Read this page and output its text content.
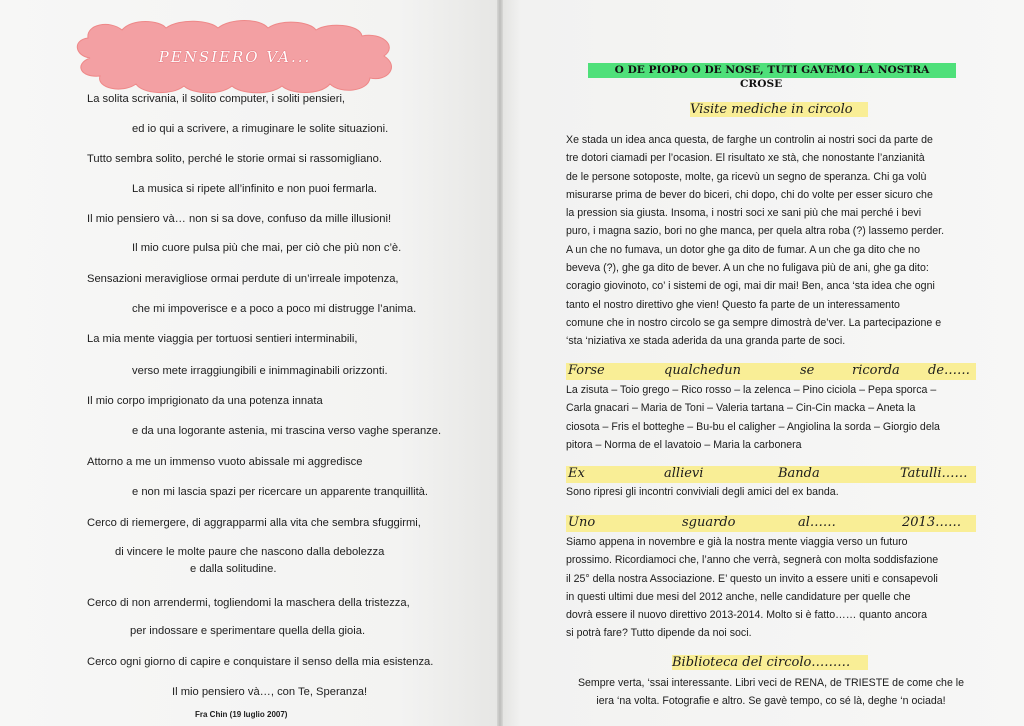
PENSIERO VA...
La solita scrivania, il solito computer, i soliti pensieri,
ed io qui a scrivere, a rimuginare le solite situazioni.
Tutto sembra solito, perché le storie ormai si rassomigliano.
La musica si ripete all’infinito e non puoi fermarla.
Il mio pensiero và… non si sa dove, confuso da mille illusioni!
Il mio cuore pulsa più che mai, per ciò che più non c’è.
Sensazioni meravigliose ormai perdute di un’irreale impotenza,
che mi impoverisce e a poco a poco mi distrugge l’anima.
La mia mente viaggia per tortuosi sentieri interminabili,
verso mete irraggiungibili e inimmaginabili orizzonti.
Il mio corpo imprigionato da una potenza innata
e da una logorante astenia, mi trascina verso vaghe speranze.
Attorno a me un immenso vuoto abissale mi aggredisce
e non mi lascia spazi per ricercare un apparente tranquillità.
Cerco di riemergere, di aggrapparmi alla vita che sembra sfuggirmi,
di vincere le molte paure che nascono dalla debolezza
e dalla solitudine.
Cerco di non arrendermi, togliendomi la maschera della tristezza,
per indossare e sperimentare quella della gioia.
Cerco ogni giorno di capire e conquistare il senso della mia esistenza.
Il mio pensiero và…, con Te, Speranza!
Fra Chin (19 luglio 2007)
O DE PIOPO O DE NOSE, TUTI GAVEMO LA NOSTRA
CROSE
Visite mediche in circolo
Xe stada un idea anca questa, de farghe un controlin ai nostri soci da parte de
tre dotori ciamadi per l’ocasion. El risultato xe stà, che nonostante l’anzianità
de le persone sotoposte, molte, ga ricevù un segno de speranza. Chi ga volù
misurarse prima de bever do biceri, chi dopo, chi do volte per esser sicuro che
la pression sia giusta. Insoma, i nostri soci xe sani più che mai perché i bevi
puro, i magna sazio, bori no ghe manca, per quela altra roba (?) lassemo perder.
A un che no fumava, un dotor ghe ga dito de fumar. A un che ga dito che no
beveva (?), ghe ga dito de bever. A un che no fuligava più de ani, ghe ga dito:
coragio giovinoto, co’ i sistemi de ogi, mai dir mai! Ben, anca ‘sta idea che ogni
tanto el nostro direttivo ghe vien! Questo fa parte de un interessamento
comune che in nostro circolo se ga sempre dimostrà de’ver. La partecipazione e
‘sta ‘niziativa xe stada aderida da una granda parte de soci.
Forse	qualchedun	se	ricorda de……
La zisuta – Toio grego – Rico rosso – la zelenca – Pino ciciola – Pepa sporca –
Carla gnacari – Maria de Toni – Valeria tartana – Cin-Cin macka – Aneta la
ciosota – Fris el botteghe – Bu-bu el caligher – Angiolina la sorda – Giorgio dela
pitora – Norma de el lavatoio – Maria la carbonera
Ex	allievi	Banda	Tatulli……
Sono ripresi gli incontri conviviali degli amici del ex banda.
Uno	sguardo	al……	2013……
Siamo appena in novembre e già la nostra mente viaggia verso un futuro
prossimo. Ricordiamoci che, l’anno che verrà, segnerà con molta soddisfazione
il 25° della nostra Associazione. E’ questo un invito a essere uniti e consapevoli
in questi ultimi due mesi del 2012 anche, nelle candidature per quelle che
dovrà essere il nuovo direttivo 2013-2014. Molto si è fatto…… quanto ancora
si potrà fare? Tutto dipende da noi soci.
Biblioteca del circolo………
Sempre verta, ‘ssai interessante. Libri veci de RENA, de TRIESTE de come che le
iera ‘na volta. Fotografie e altro. Se gavè tempo, co sé là, deghe ‘n ociada!
